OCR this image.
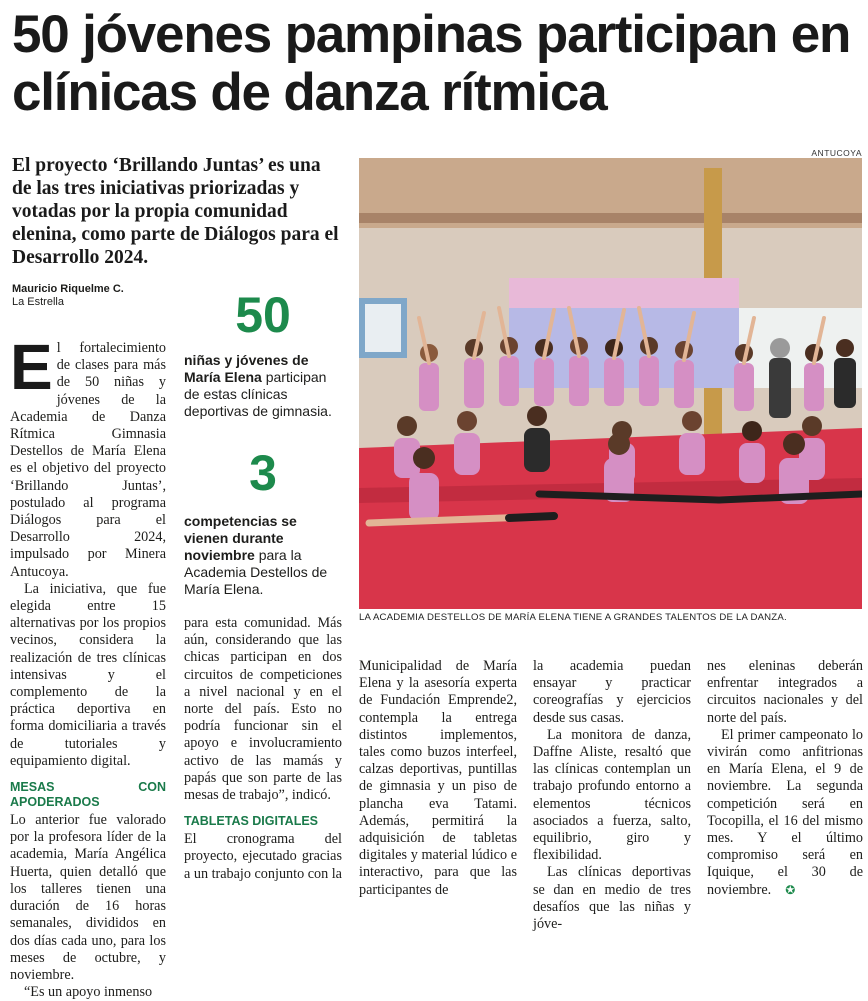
50 jóvenes pampinas participan en clínicas de danza rítmica

El proyecto ‘Brillando Juntas’ es una de las tres iniciativas priorizadas y votadas por la propia comunidad elenina, como parte de Diálogos para el Desarrollo 2024.

Mauricio Riquelme C.
La Estrella
ANTUCOYA
LA ACADEMIA DESTELLOS DE MARÍA ELENA TIENE A GRANDES TALENTOS DE LA DANZA.
50
niñas y jóvenes de María Elena participan de estas clínicas deportivas de gimnasia.
3
competencias se vienen durante noviembre para la Academia Destellos de María Elena.

El fortalecimiento de clases para más de 50 niñas y jóvenes de la Academia de Danza Rítmica Gimnasia Destellos de María Elena es el objetivo del proyecto ‘Brillando Juntas’, postulado al programa Diálogos para el Desarrollo 2024, impulsado por Minera Antucoya.

La iniciativa, que fue elegida entre 15 alternativas por los propios vecinos, considera la realización de tres clínicas intensivas y el complemento de la práctica deportiva en forma domiciliaria a través de tutoriales y equipamiento digital.

MESAS CON APODERADOS

Lo anterior fue valorado por la profesora líder de la academia, María Angélica Huerta, quien detalló que los talleres tienen una duración de 16 horas semanales, divididos en dos días cada uno, para los meses de octubre, y noviembre.

“Es un apoyo inmenso

para esta comunidad. Más aún, considerando que las chicas participan en dos circuitos de competiciones a nivel nacional y en el norte del país. Esto no podría funcionar sin el apoyo e involucramiento activo de las mamás y papás que son parte de las mesas de trabajo”, indicó.

TABLETAS DIGITALES

El cronograma del proyecto, ejecutado gracias a un trabajo conjunto con la

Municipalidad de María Elena y la asesoría experta de Fundación Emprende2, contempla la entrega distintos implementos, tales como buzos interfeel, calzas deportivas, puntillas de gimnasia y un piso de plancha eva Tatami. Además, permitirá la adquisición de tabletas digitales y material lúdico e interactivo, para que las participantes de

la academia puedan ensayar y practicar coreografías y ejercicios desde sus casas.

La monitora de danza, Daffne Aliste, resaltó que las clínicas contemplan un trabajo profundo entorno a elementos técnicos asociados a fuerza, salto, equilibrio, giro y flexibilidad.

Las clínicas deportivas se dan en medio de tres desafíos que las niñas y jóve-

nes eleninas deberán enfrentar integrados a circuitos nacionales y del norte del país.

El primer campeonato lo vivirán como anfitrionas en María Elena, el 9 de noviembre. La segunda competición será en Tocopilla, el 16 del mismo mes. Y el último compromiso será en Iquique, el 30 de noviembre. ✪
